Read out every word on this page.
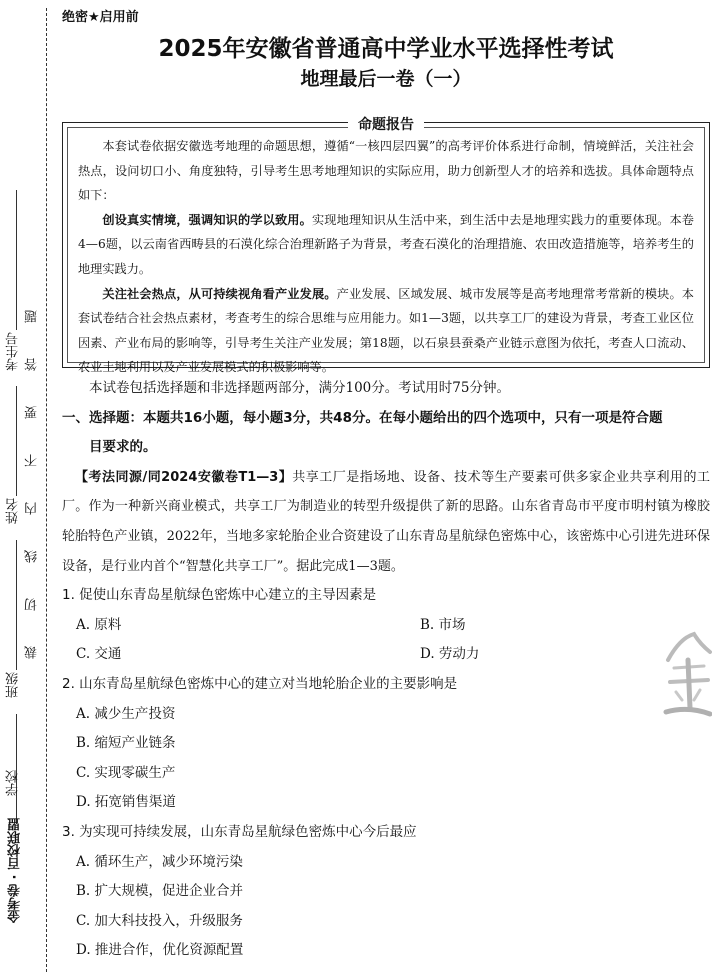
考生号
姓名
班级
学校
题
答
要
不
内
线
切
裁
金考卷 · 百校联盟
绝密★启用前
2025年安徽省普通高中学业水平选择性考试
地理最后一卷（一）
命题报告

本套试卷依据安徽选考地理的命题思想，遵循“一核四层四翼”的高考评价体系进行命制，情境鲜活，关注社会热点，设问切口小、角度独特，引导考生思考地理知识的实际应用，助力创新型人才的培养和选拔。具体命题特点如下：

创设真实情境，强调知识的学以致用。实现地理知识从生活中来，到生活中去是地理实践力的重要体现。本卷4—6题，以云南省西畴县的石漠化综合治理新路子为背景，考查石漠化的治理措施、农田改造措施等，培养考生的地理实践力。

关注社会热点，从可持续视角看产业发展。产业发展、区域发展、城市发展等是高考地理常考常新的模块。本套试卷结合社会热点素材，考查考生的综合思维与应用能力。如1—3题，以共享工厂的建设为背景，考查工业区位因素、产业布局的影响等，引导考生关注产业发展；第18题，以石泉县蚕桑产业链示意图为依托，考查人口流动、农业土地利用以及产业发展模式的积极影响等。

本试卷包括选择题和非选择题两部分，满分100分。考试用时75分钟。
一、选择题：本题共16小题，每小题3分，共48分。在每小题给出的四个选项中，只有一项是符合题
目要求的。
【考法同源/同2024安徽卷T1—3】共享工厂是指场地、设备、技术等生产要素可供多家企业共享利用的工厂。作为一种新兴商业模式，共享工厂为制造业的转型升级提供了新的思路。山东省青岛市平度市明村镇为橡胶轮胎特色产业镇，2022年，当地多家轮胎企业合资建设了山东青岛星航绿色密炼中心，该密炼中心引进先进环保设备，是行业内首个“智慧化共享工厂”。据此完成1—3题。
1. 促使山东青岛星航绿色密炼中心建立的主导因素是
A. 原料	B. 市场
C. 交通	D. 劳动力
2. 山东青岛星航绿色密炼中心的建立对当地轮胎企业的主要影响是
A. 减少生产投资
B. 缩短产业链条
C. 实现零碳生产
D. 拓宽销售渠道
3. 为实现可持续发展，山东青岛星航绿色密炼中心今后最应
A. 循环生产，减少环境污染
B. 扩大规模，促进企业合并
C. 加大科技投入，升级服务
D. 推进合作，优化资源配置
